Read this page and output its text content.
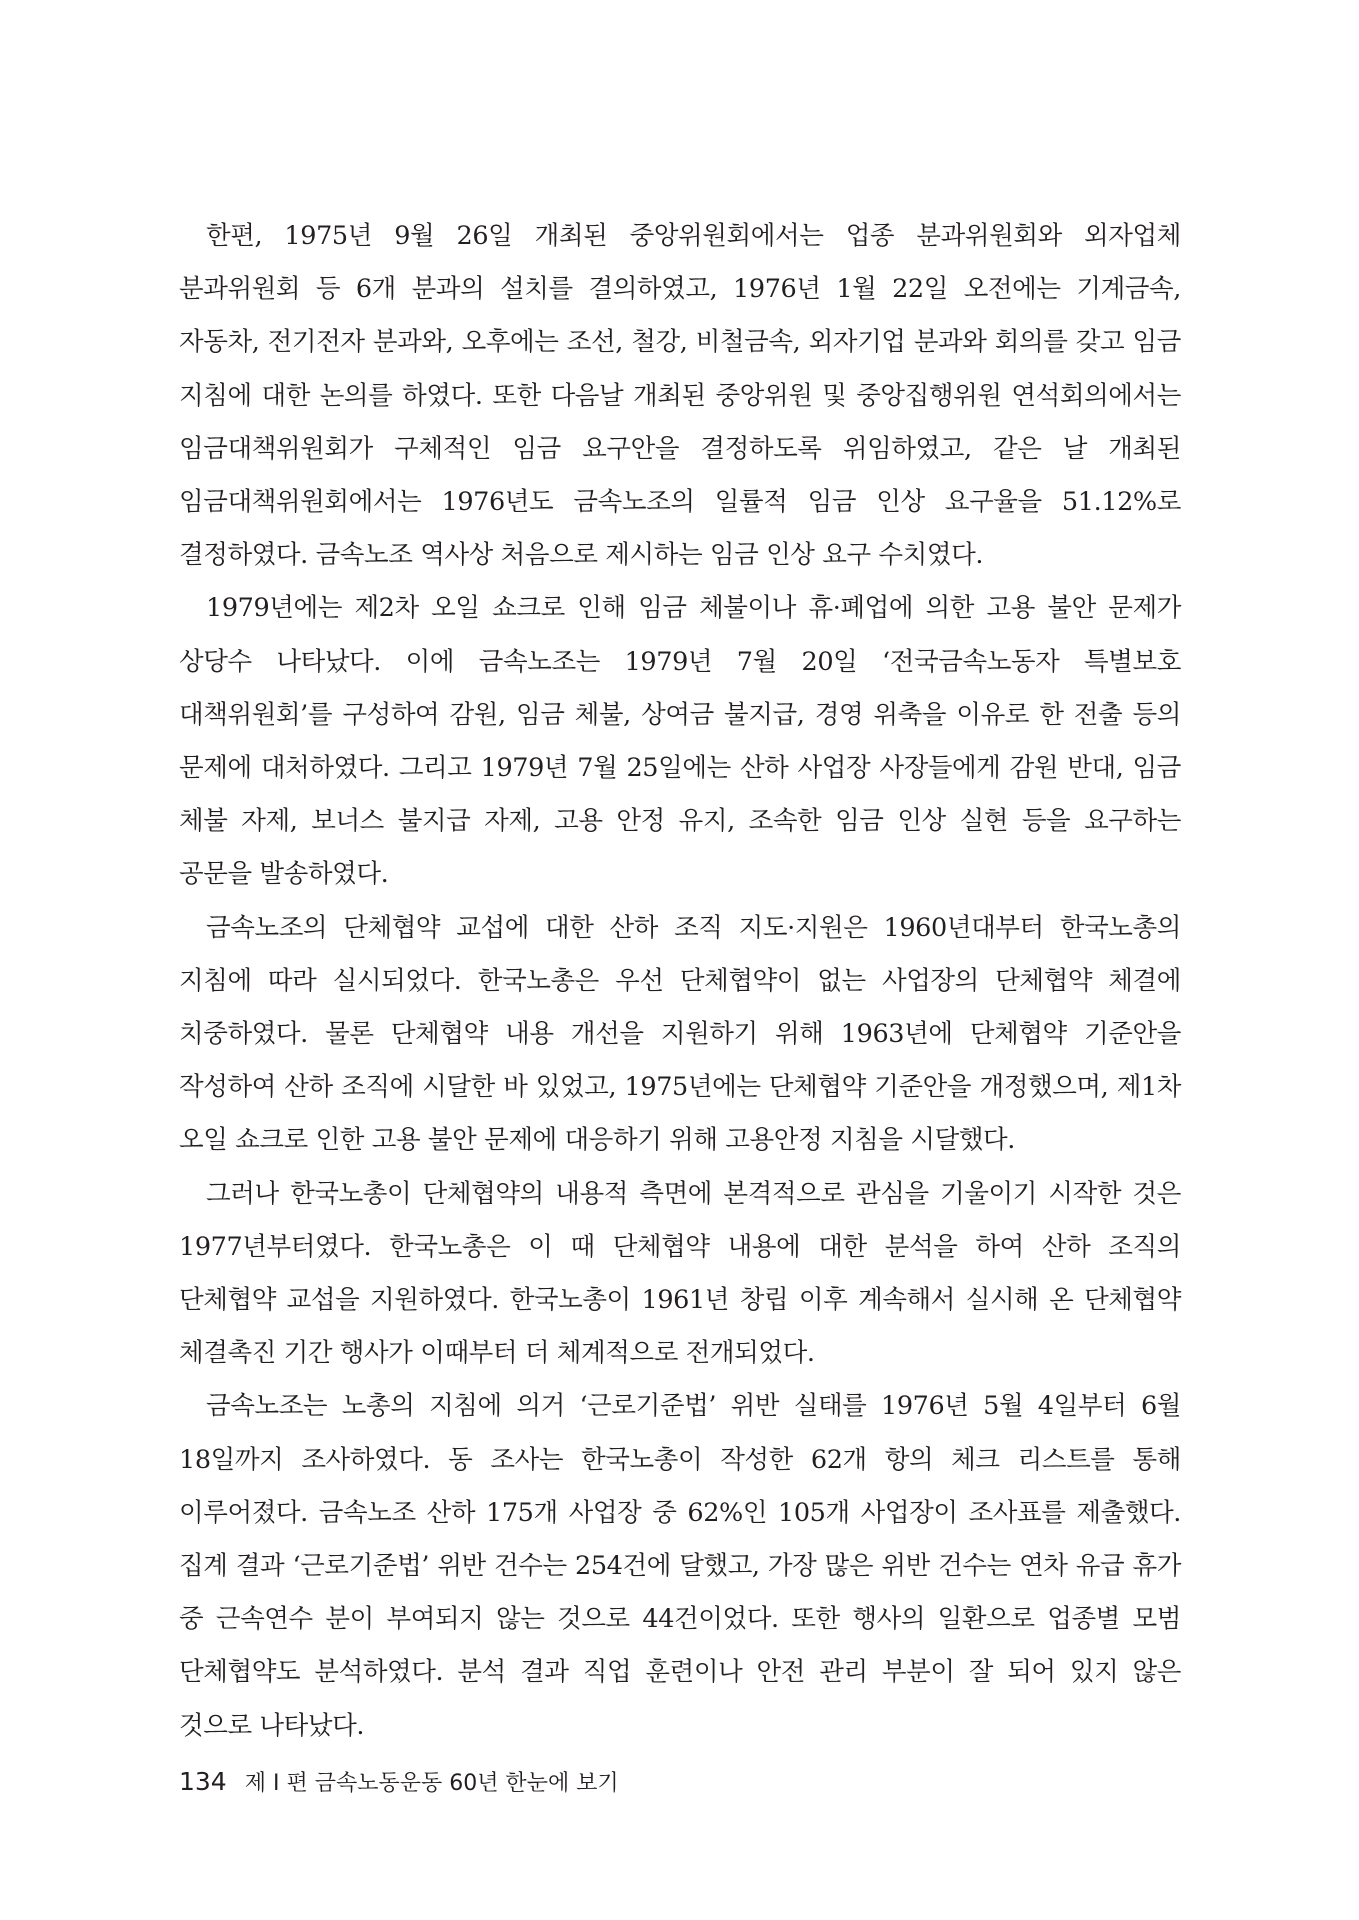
한편, 1975년 9월 26일 개최된 중앙위원회에서는 업종 분과위원회와 외자업체 분과위원회 등 6개 분과의 설치를 결의하였고, 1976년 1월 22일 오전에는 기계금속, 자동차, 전기전자 분과와, 오후에는 조선, 철강, 비철금속, 외자기업 분과와 회의를 갖고 임금 지침에 대한 논의를 하였다. 또한 다음날 개최된 중앙위원 및 중앙집행위원 연석회의에서는 임금대책위원회가 구체적인 임금 요구안을 결정하도록 위임하였고, 같은 날 개최된 임금대책위원회에서는 1976년도 금속노조의 일률적 임금 인상 요구율을 51.12%로 결정하였다. 금속노조 역사상 처음으로 제시하는 임금 인상 요구 수치였다.

1979년에는 제2차 오일 쇼크로 인해 임금 체불이나 휴·폐업에 의한 고용 불안 문제가 상당수 나타났다. 이에 금속노조는 1979년 7월 20일 ‘전국금속노동자 특별보호 대책위원회’를 구성하여 감원, 임금 체불, 상여금 불지급, 경영 위축을 이유로 한 전출 등의 문제에 대처하였다. 그리고 1979년 7월 25일에는 산하 사업장 사장들에게 감원 반대, 임금 체불 자제, 보너스 불지급 자제, 고용 안정 유지, 조속한 임금 인상 실현 등을 요구하는 공문을 발송하였다.

금속노조의 단체협약 교섭에 대한 산하 조직 지도·지원은 1960년대부터 한국노총의 지침에 따라 실시되었다. 한국노총은 우선 단체협약이 없는 사업장의 단체협약 체결에 치중하였다. 물론 단체협약 내용 개선을 지원하기 위해 1963년에 단체협약 기준안을 작성하여 산하 조직에 시달한 바 있었고, 1975년에는 단체협약 기준안을 개정했으며, 제1차 오일 쇼크로 인한 고용 불안 문제에 대응하기 위해 고용안정 지침을 시달했다.

그러나 한국노총이 단체협약의 내용적 측면에 본격적으로 관심을 기울이기 시작한 것은 1977년부터였다. 한국노총은 이 때 단체협약 내용에 대한 분석을 하여 산하 조직의 단체협약 교섭을 지원하였다. 한국노총이 1961년 창립 이후 계속해서 실시해 온 단체협약 체결촉진 기간 행사가 이때부터 더 체계적으로 전개되었다.

금속노조는 노총의 지침에 의거 ‘근로기준법’ 위반 실태를 1976년 5월 4일부터 6월 18일까지 조사하였다. 동 조사는 한국노총이 작성한 62개 항의 체크 리스트를 통해 이루어졌다. 금속노조 산하 175개 사업장 중 62%인 105개 사업장이 조사표를 제출했다. 집계 결과 ‘근로기준법’ 위반 건수는 254건에 달했고, 가장 많은 위반 건수는 연차 유급 휴가 중 근속연수 분이 부여되지 않는 것으로 44건이었다. 또한 행사의 일환으로 업종별 모범 단체협약도 분석하였다. 분석 결과 직업 훈련이나 안전 관리 부분이 잘 되어 있지 않은 것으로 나타났다.

134 제 I 편 금속노동운동 60년 한눈에 보기
